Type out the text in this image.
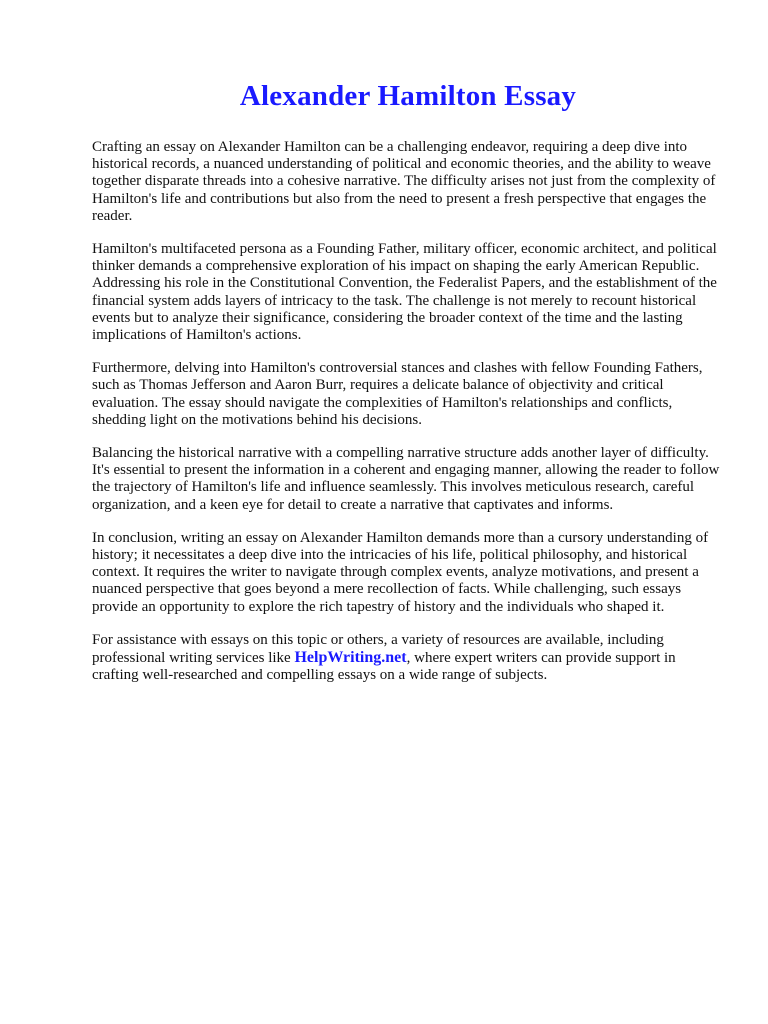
Alexander Hamilton Essay

Crafting an essay on Alexander Hamilton can be a challenging endeavor, requiring a deep dive into historical records, a nuanced understanding of political and economic theories, and the ability to weave together disparate threads into a cohesive narrative. The difficulty arises not just from the complexity of Hamilton's life and contributions but also from the need to present a fresh perspective that engages the reader.

Hamilton's multifaceted persona as a Founding Father, military officer, economic architect, and political thinker demands a comprehensive exploration of his impact on shaping the early American Republic. Addressing his role in the Constitutional Convention, the Federalist Papers, and the establishment of the financial system adds layers of intricacy to the task. The challenge is not merely to recount historical events but to analyze their significance, considering the broader context of the time and the lasting implications of Hamilton's actions.

Furthermore, delving into Hamilton's controversial stances and clashes with fellow Founding Fathers, such as Thomas Jefferson and Aaron Burr, requires a delicate balance of objectivity and critical evaluation. The essay should navigate the complexities of Hamilton's relationships and conflicts, shedding light on the motivations behind his decisions.

Balancing the historical narrative with a compelling narrative structure adds another layer of difficulty. It's essential to present the information in a coherent and engaging manner, allowing the reader to follow the trajectory of Hamilton's life and influence seamlessly. This involves meticulous research, careful organization, and a keen eye for detail to create a narrative that captivates and informs.

In conclusion, writing an essay on Alexander Hamilton demands more than a cursory understanding of history; it necessitates a deep dive into the intricacies of his life, political philosophy, and historical context. It requires the writer to navigate through complex events, analyze motivations, and present a nuanced perspective that goes beyond a mere recollection of facts. While challenging, such essays provide an opportunity to explore the rich tapestry of history and the individuals who shaped it.

For assistance with essays on this topic or others, a variety of resources are available, including professional writing services like HelpWriting.net, where expert writers can provide support in crafting well-researched and compelling essays on a wide range of subjects.
